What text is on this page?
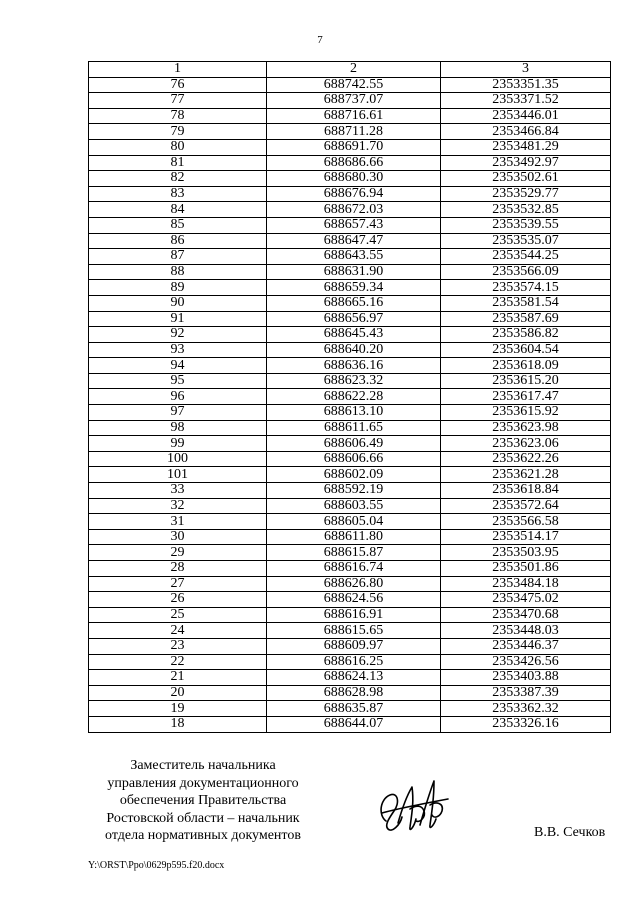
7
1	2	3
76	688742.55	2353351.35
77	688737.07	2353371.52
78	688716.61	2353446.01
79	688711.28	2353466.84
80	688691.70	2353481.29
81	688686.66	2353492.97
82	688680.30	2353502.61
83	688676.94	2353529.77
84	688672.03	2353532.85
85	688657.43	2353539.55
86	688647.47	2353535.07
87	688643.55	2353544.25
88	688631.90	2353566.09
89	688659.34	2353574.15
90	688665.16	2353581.54
91	688656.97	2353587.69
92	688645.43	2353586.82
93	688640.20	2353604.54
94	688636.16	2353618.09
95	688623.32	2353615.20
96	688622.28	2353617.47
97	688613.10	2353615.92
98	688611.65	2353623.98
99	688606.49	2353623.06
100	688606.66	2353622.26
101	688602.09	2353621.28
33	688592.19	2353618.84
32	688603.55	2353572.64
31	688605.04	2353566.58
30	688611.80	2353514.17
29	688615.87	2353503.95
28	688616.74	2353501.86
27	688626.80	2353484.18
26	688624.56	2353475.02
25	688616.91	2353470.68
24	688615.65	2353448.03
23	688609.97	2353446.37
22	688616.25	2353426.56
21	688624.13	2353403.88
20	688628.98	2353387.39
19	688635.87	2353362.32
18	688644.07	2353326.16
Заместитель начальника
управления документационного
обеспечения Правительства
Ростовской области – начальник
отдела нормативных документов	В.В. Сечков
Y:\ORST\Ppo\0629p595.f20.docx
